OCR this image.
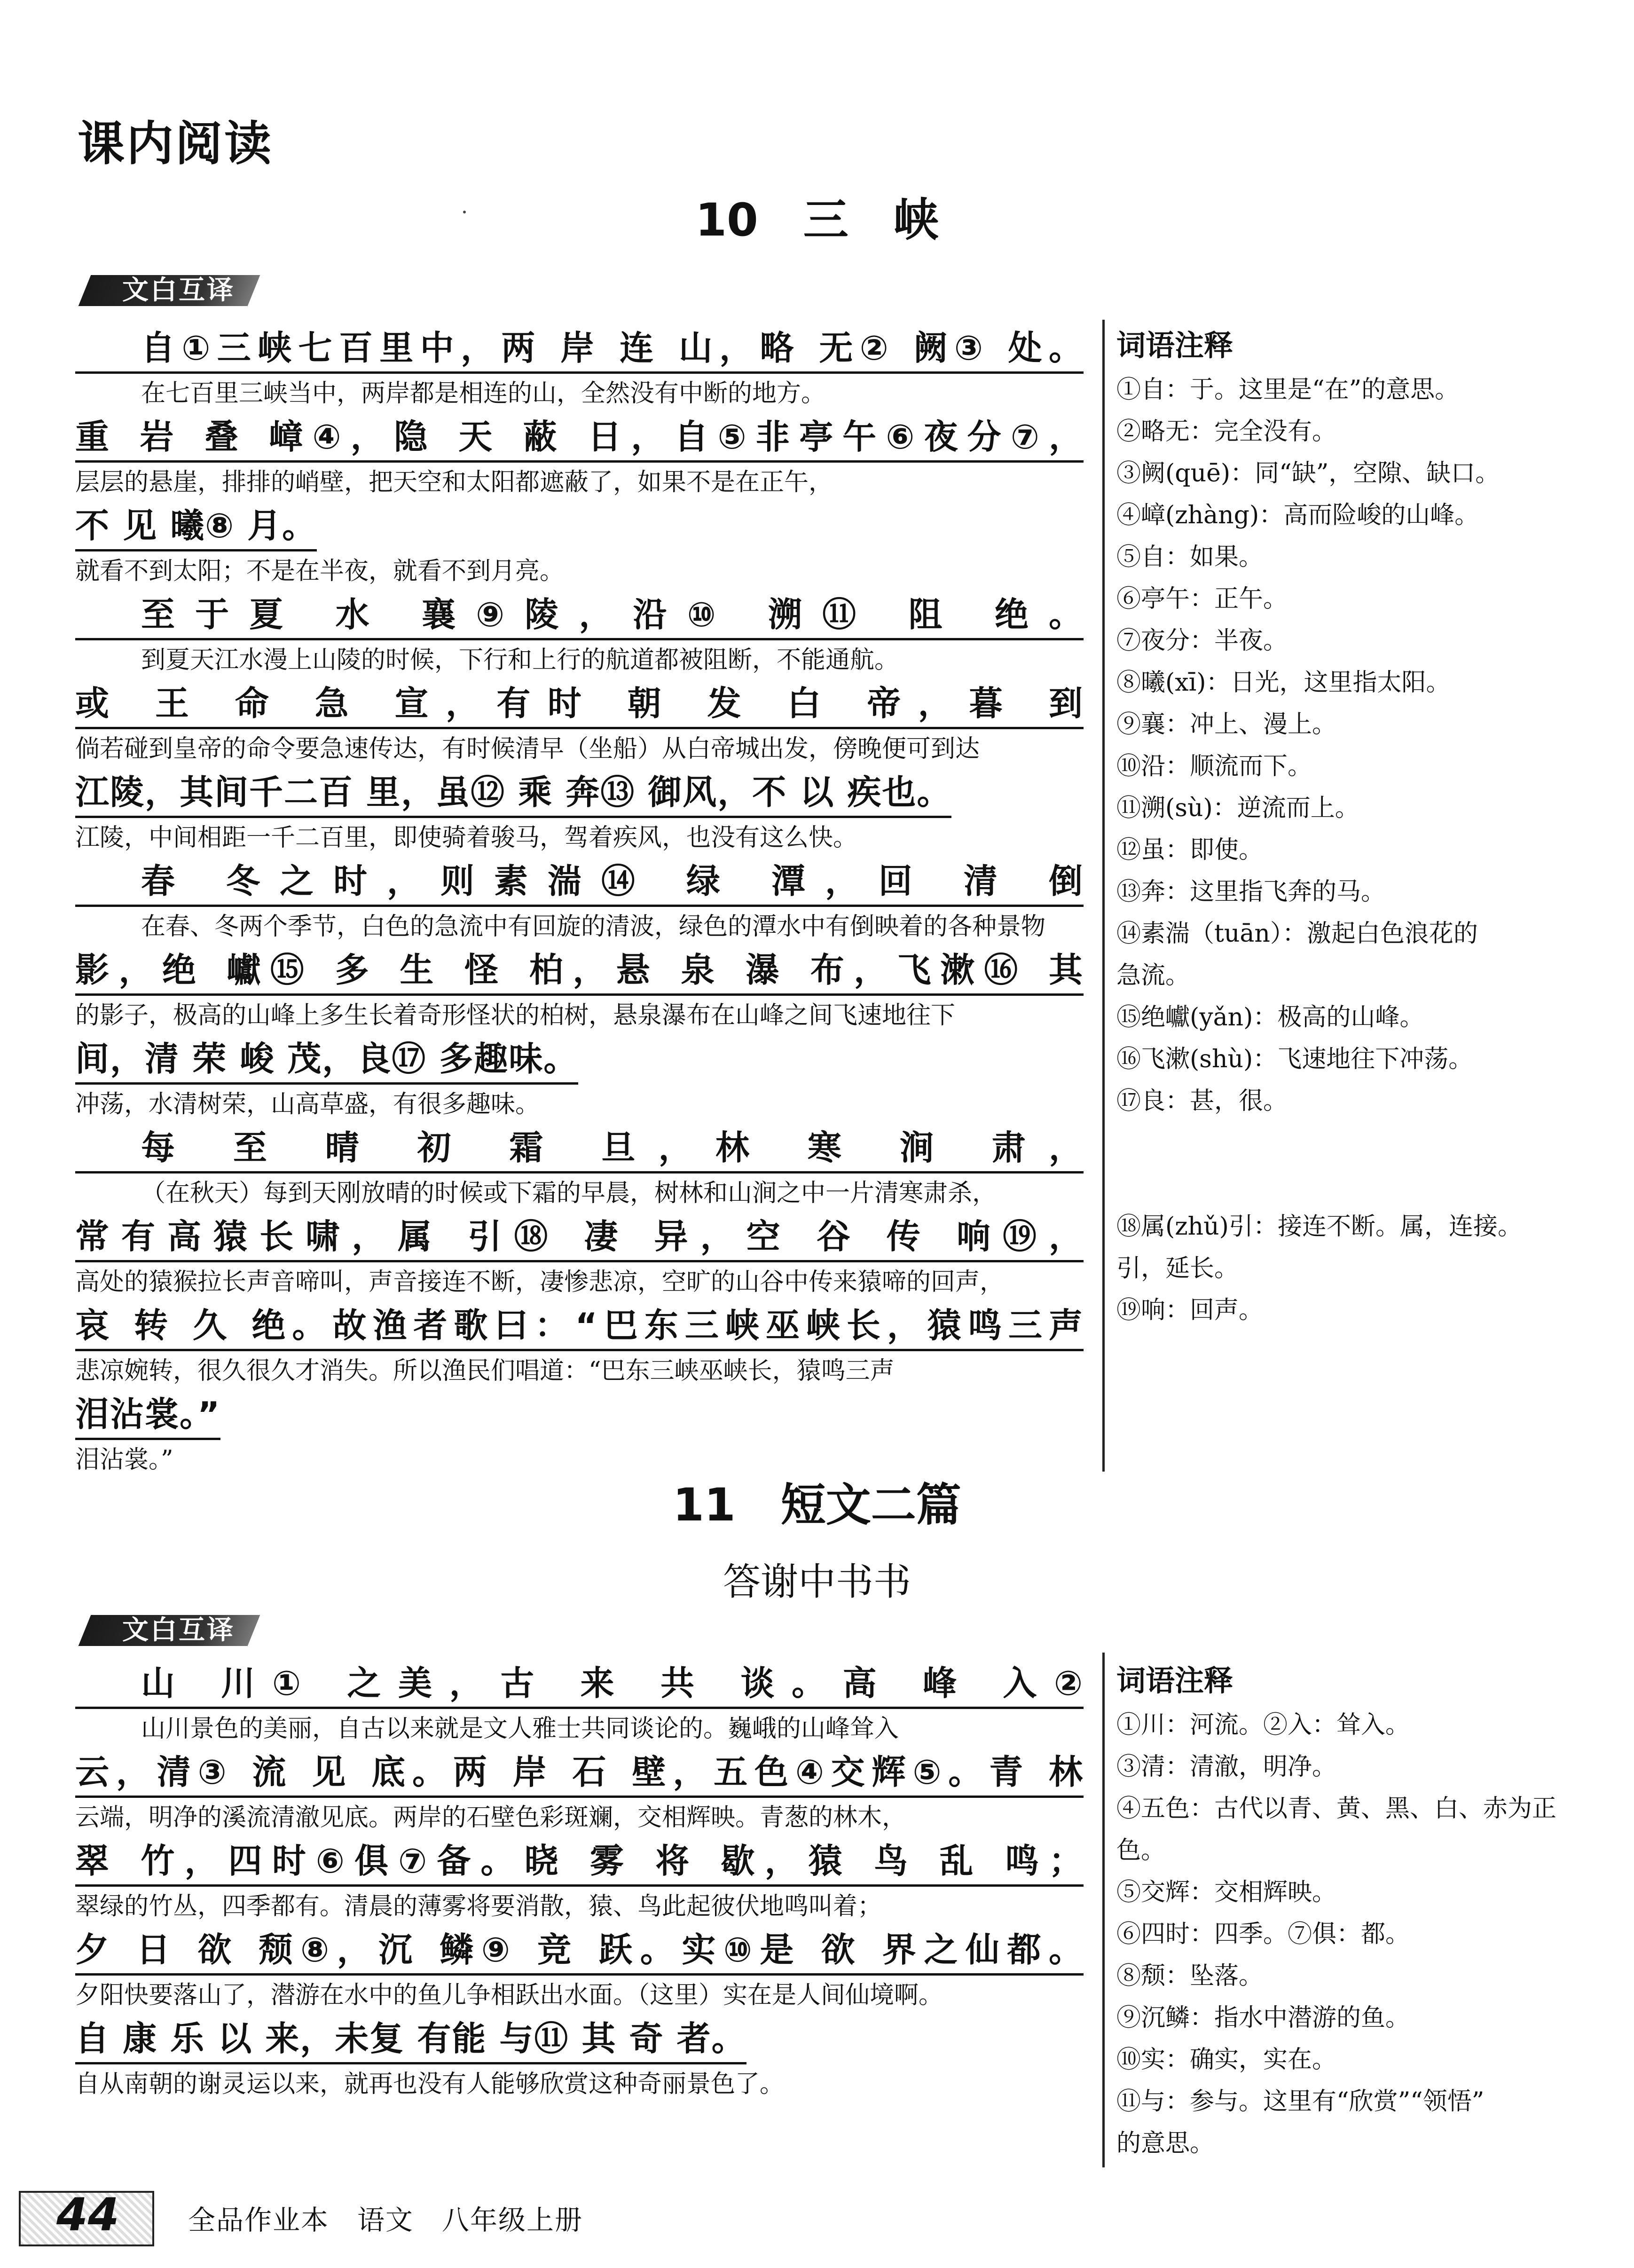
课内阅读
10　三　峡
文白互译
自①三峡七百里中，两 岸 连 山，略 无② 阙③ 处。
在七百里三峡当中，两岸都是相连的山，全然没有中断的地方。
重 岩 叠 嶂④，隐 天 蔽 日，自⑤非亭午⑥夜分⑦，
层层的悬崖，排排的峭壁，把天空和太阳都遮蔽了，如果不是在正午，
不 见 曦⑧ 月。
就看不到太阳；不是在半夜，就看不到月亮。
至于夏 水 襄⑨陵，沿⑩ 溯⑪ 阻 绝。
到夏天江水漫上山陵的时候，下行和上行的航道都被阻断，不能通航。
或 王 命 急 宣，有时 朝 发 白 帝，暮 到
倘若碰到皇帝的命令要急速传达，有时候清早（坐船）从白帝城出发，傍晚便可到达
江陵，其间千二百 里，虽⑫ 乘 奔⑬ 御风，不 以 疾也。
江陵，中间相距一千二百里，即使骑着骏马，驾着疾风，也没有这么快。
春 冬之时，则素湍⑭ 绿 潭，回 清 倒
在春、冬两个季节，白色的急流中有回旋的清波，绿色的潭水中有倒映着的各种景物
影，绝 巘⑮ 多 生 怪 柏，悬 泉 瀑 布，飞漱⑯ 其
的影子，极高的山峰上多生长着奇形怪状的柏树，悬泉瀑布在山峰之间飞速地往下
间，清 荣 峻 茂，良⑰ 多趣味。
冲荡，水清树荣，山高草盛，有很多趣味。
每 至 晴 初 霜 旦，林 寒 涧 肃，
（在秋天）每到天刚放晴的时候或下霜的早晨，树林和山涧之中一片清寒肃杀，
常有高猿长啸，属 引⑱ 凄 异，空 谷 传 响⑲，
高处的猿猴拉长声音啼叫，声音接连不断，凄惨悲凉，空旷的山谷中传来猿啼的回声，
哀 转 久 绝。故渔者歌曰：“巴东三峡巫峡长，猿鸣三声
悲凉婉转，很久很久才消失。所以渔民们唱道：“巴东三峡巫峡长，猿鸣三声
泪沾裳。”
泪沾裳。”
词语注释
①自：于。这里是“在”的意思。
②略无：完全没有。
③阙(quē)：同“缺”，空隙、缺口。
④嶂(zhàng)：高而险峻的山峰。
⑤自：如果。
⑥亭午：正午。
⑦夜分：半夜。
⑧曦(xī)：日光，这里指太阳。
⑨襄：冲上、漫上。
⑩沿：顺流而下。
⑪溯(sù)：逆流而上。
⑫虽：即使。
⑬奔：这里指飞奔的马。
⑭素湍（tuān）：激起白色浪花的
急流。
⑮绝巘(yǎn)：极高的山峰。
⑯飞漱(shù)：飞速地往下冲荡。
⑰良：甚，很。
⑱属(zhǔ)引：接连不断。属，连接。
引，延长。
⑲响：回声。
11　短文二篇
答谢中书书
文白互译
山 川① 之美，古 来 共 谈。高 峰 入②
山川景色的美丽，自古以来就是文人雅士共同谈论的。巍峨的山峰耸入
云，清③ 流 见 底。两 岸 石 壁，五色④交辉⑤。青 林
云端，明净的溪流清澈见底。两岸的石壁色彩斑斓，交相辉映。青葱的林木，
翠 竹，四时⑥俱⑦备。晓 雾 将 歇，猿 鸟 乱 鸣；
翠绿的竹丛，四季都有。清晨的薄雾将要消散，猿、鸟此起彼伏地鸣叫着；
夕 日 欲 颓⑧，沉 鳞⑨ 竞 跃。实⑩是 欲 界之仙都。
夕阳快要落山了，潜游在水中的鱼儿争相跃出水面。（这里）实在是人间仙境啊。
自 康 乐 以 来，未复 有能 与⑪ 其 奇 者。
自从南朝的谢灵运以来，就再也没有人能够欣赏这种奇丽景色了。
词语注释
①川：河流。②入：耸入。
③清：清澈，明净。
④五色：古代以青、黄、黑、白、赤为正色。
⑤交辉：交相辉映。
⑥四时：四季。⑦俱：都。
⑧颓：坠落。
⑨沉鳞：指水中潜游的鱼。
⑩实：确实，实在。
⑪与：参与。这里有“欣赏”“领悟”
的意思。
44	全品作业本　语文　八年级上册
